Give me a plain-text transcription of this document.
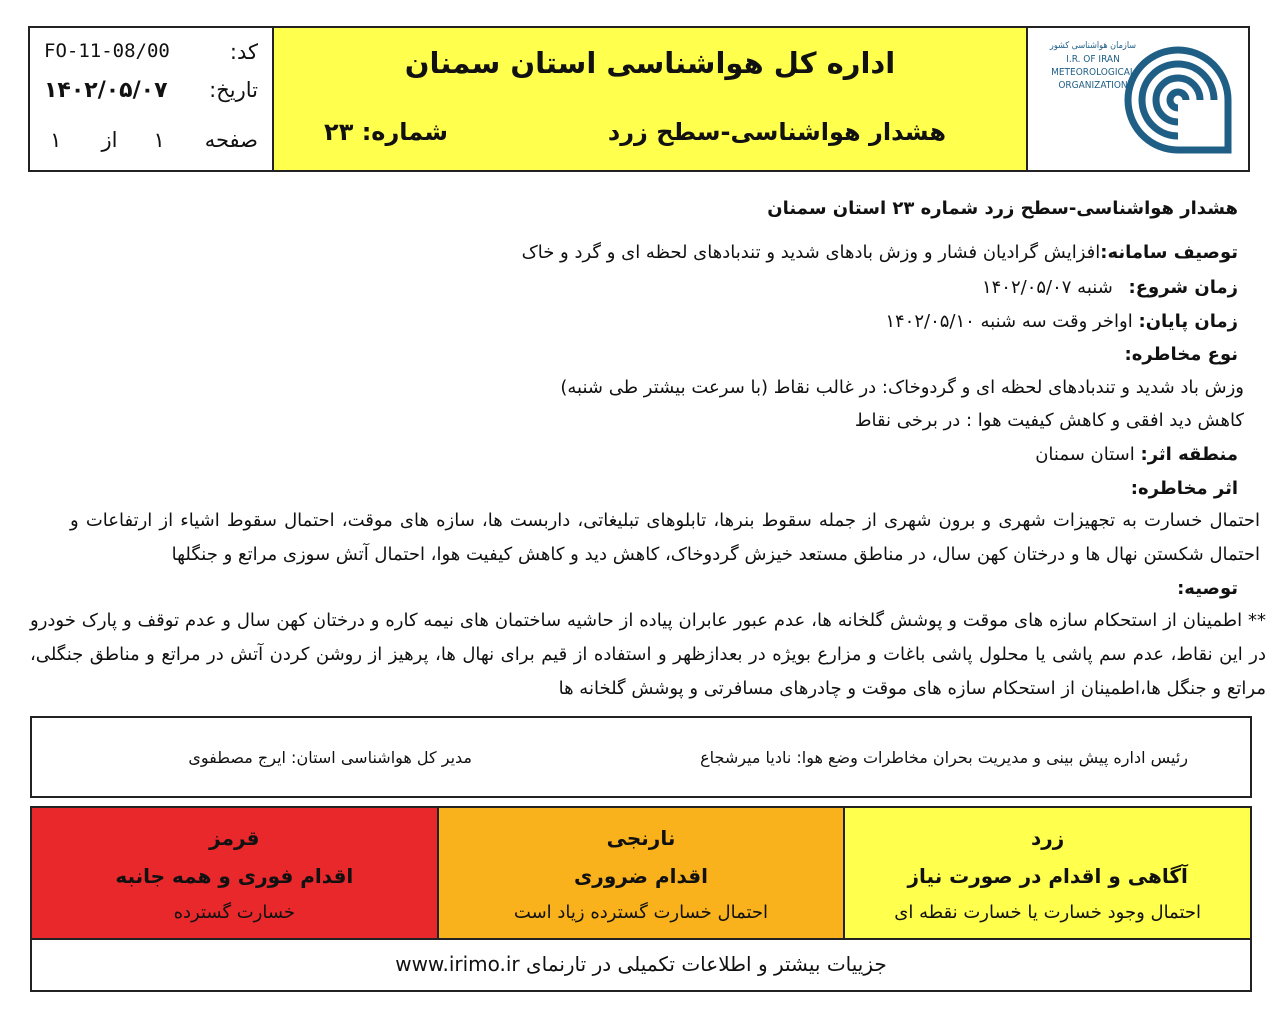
کد:
FO-11-08/00
تاریخ:
۱۴۰۲/۰۵/۰۷
صفحه
۱
از
۱
اداره کل هواشناسی استان سمنان
هشدار هواشناسی-سطح زرد
شماره: ۲۳
سازمان هواشناسی کشور
I.R. OF IRAN
METEOROLOGICAL
ORGANIZATION
هشدار هواشناسی-سطح زرد شماره ۲۳ استان سمنان
توصیف سامانه:افزایش گرادیان فشار و وزش بادهای شدید و تندبادهای لحظه ای و گرد و خاک
زمان شروع: شنبه ۱۴۰۲/۰۵/۰۷
زمان پایان: اواخر وقت سه شنبه ۱۴۰۲/۰۵/۱۰
نوع مخاطره:
وزش باد شدید و تندبادهای لحظه ای و گردوخاک: در غالب نقاط (با سرعت بیشتر طی شنبه)
کاهش دید افقی و کاهش کیفیت هوا : در برخی نقاط
منطقه اثر: استان سمنان
اثر مخاطره:
احتمال خسارت به تجهیزات شهری و برون شهری از جمله سقوط بنرها، تابلوهای تبلیغاتی، داربست ها، سازه های موقت، احتمال سقوط اشیاء از ارتفاعات و احتمال شکستن نهال ها و درختان کهن سال، در مناطق مستعد خیزش گردوخاک، کاهش دید و کاهش کیفیت هوا، احتمال آتش سوزی مراتع و جنگلها
توصیه:
** اطمینان از استحکام سازه های موقت و پوشش گلخانه ها، عدم عبور عابران پیاده از حاشیه ساختمان های نیمه کاره و درختان کهن سال و عدم توقف و پارک خودرو در این نقاط، عدم سم پاشی یا محلول پاشی باغات و مزارع بویژه در بعدازظهر و استفاده از قیم برای نهال ها، پرهیز از روشن کردن آتش در مراتع و مناطق جنگلی، مراتع و جنگل ها،اطمینان از استحکام سازه های موقت و چادرهای مسافرتی و پوشش گلخانه ها
رئیس اداره پیش بینی و مدیریت بحران مخاطرات وضع هوا: نادیا میرشجاع
مدیر کل هواشناسی استان: ایرج مصطفوی
زرد
آگاهی و اقدام در صورت نیاز
احتمال وجود خسارت یا خسارت نقطه ای
نارنجی
اقدام ضروری
احتمال خسارت گسترده زیاد است
قرمز
اقدام فوری و همه جانبه
خسارت گسترده
جزییات بیشتر و اطلاعات تکمیلی در تارنمای www.irimo.ir
